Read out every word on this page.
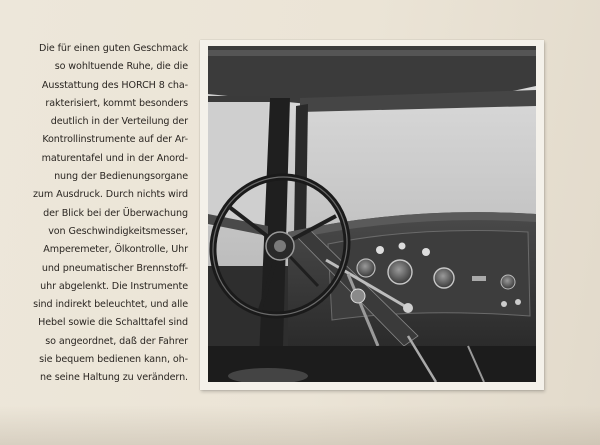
Die für einen guten Geschmack
so wohltuende Ruhe, die die
Ausstattung des HORCH 8 cha-
rakterisiert, kommt besonders
deutlich in der Verteilung der
Kontrollinstrumente auf der Ar-
maturentafel und in der Anord-
nung der Bedienungsorgane
zum Ausdruck. Durch nichts wird
der Blick bei der Überwachung
von Geschwindigkeitsmesser,
Amperemeter, Ölkontrolle, Uhr
und pneumatischer Brennstoff-
uhr abgelenkt. Die Instrumente
sind indirekt beleuchtet, und alle
Hebel sowie die Schalttafel sind
so angeordnet, daß der Fahrer
sie bequem bedienen kann, oh-
ne seine Haltung zu verändern.
